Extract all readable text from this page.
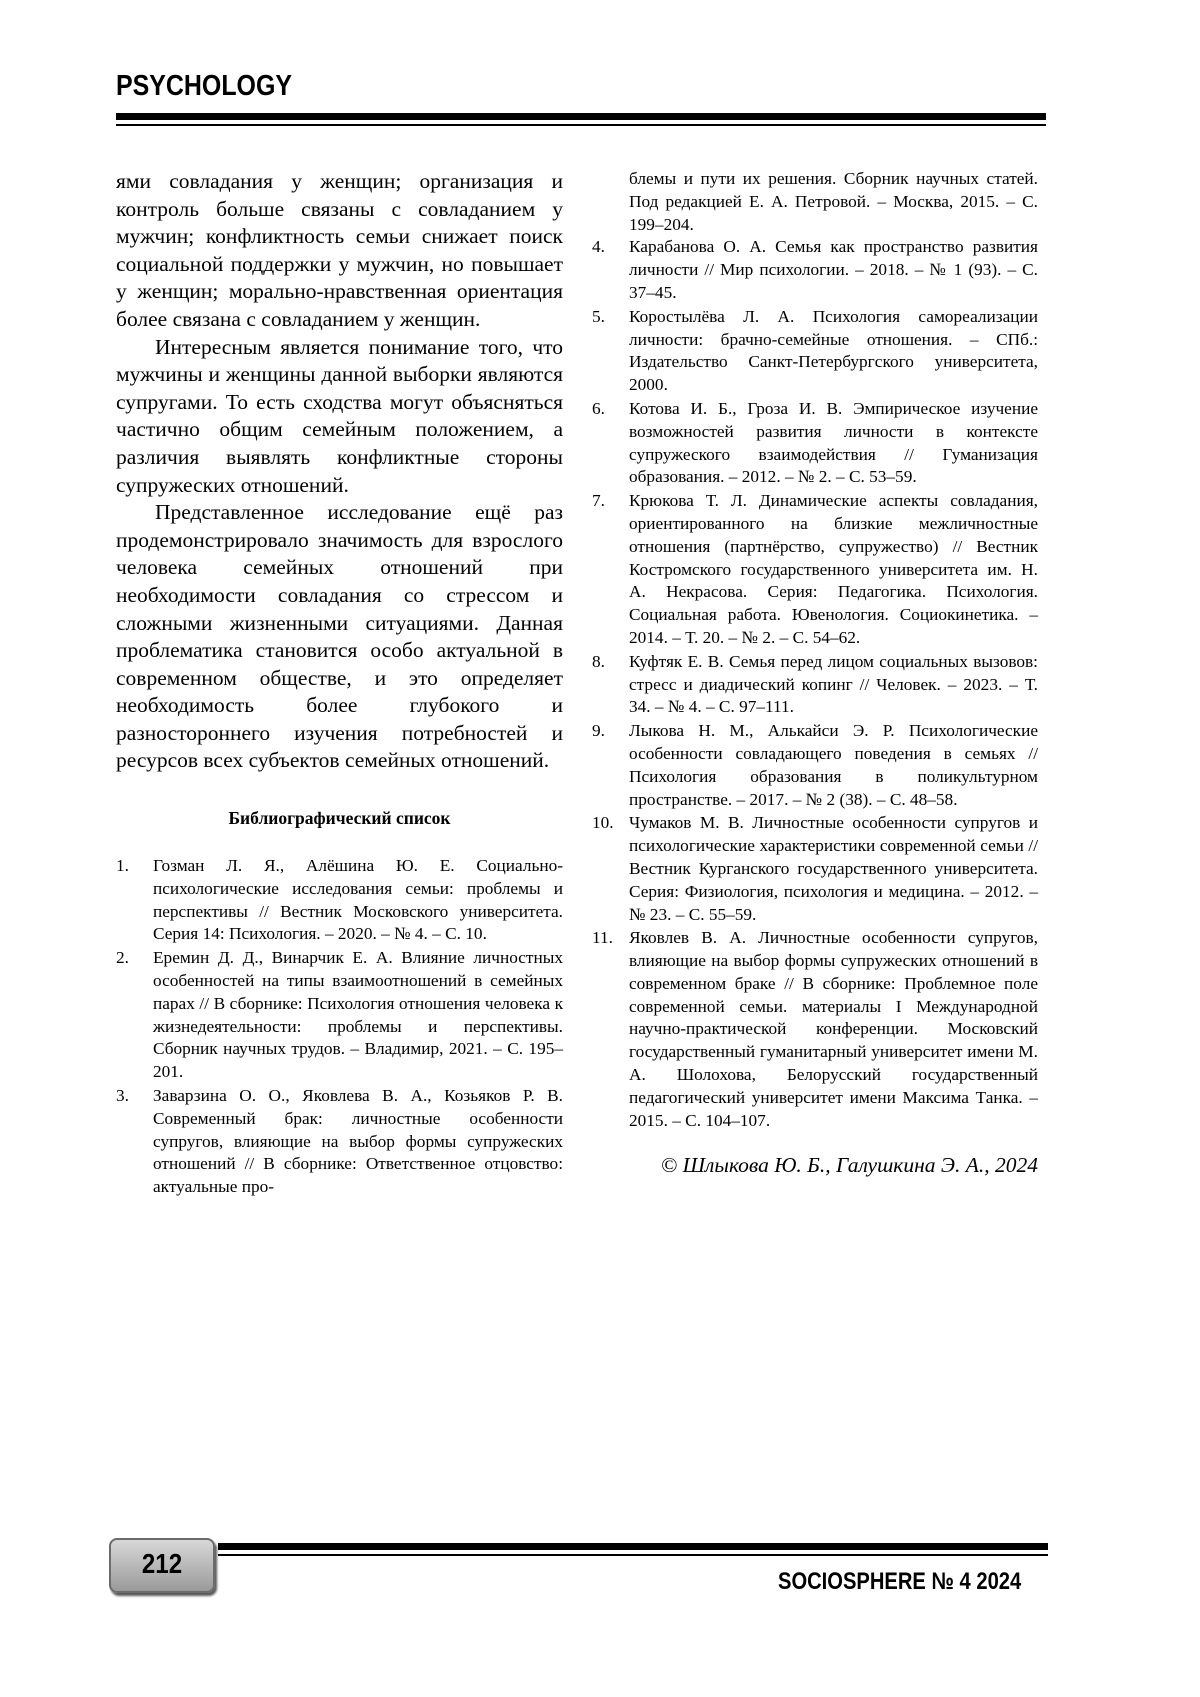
PSYCHOLOGY

ями совладания у женщин; организация и контроль больше связаны с совладанием у мужчин; конфликтность семьи снижает поиск социальной поддержки у мужчин, но повышает у женщин; морально-нравственная ориентация более связана с совладанием у женщин.

Интересным является понимание того, что мужчины и женщины данной выборки являются супругами. То есть сходства могут объясняться частично общим семейным положением, а различия выявлять конфликтные стороны супружеских отношений.

Представленное исследование ещё раз продемонстрировало значимость для взрослого человека семейных отношений при необходимости совладания со стрессом и сложными жизненными ситуациями. Данная проблематика становится особо актуальной в современном обществе, и это определяет необходимость более глубокого и разностороннего изучения потребностей и ресурсов всех субъектов семейных отношений.

Библиографический список
1.	Гозман Л. Я., Алёшина Ю. Е. Социально-психологические исследования семьи: проблемы и перспективы // Вестник Московского университета. Серия 14: Психология. – 2020. – № 4. – С. 10.
2.	Еремин Д. Д., Винарчик Е. А. Влияние личностных особенностей на типы взаимоотношений в семейных парах // В сборнике: Психология отношения человека к жизнедеятельности: проблемы и перспективы. Сборник научных трудов. – Владимир, 2021. – С. 195–201.
3.	Заварзина О. О., Яковлева В. А., Козьяков Р. В. Современный брак: личностные особенности супругов, влияющие на выбор формы супружеских отношений // В сборнике: Ответственное отцовство: актуальные про-
блемы и пути их решения. Сборник научных статей. Под редакцией Е. А. Петровой. – Москва, 2015. – С. 199–204.
4.	Карабанова О. А. Семья как пространство развития личности // Мир психологии. – 2018. – № 1 (93). – С. 37–45.
5.	Коростылёва Л. А. Психология самореализации личности: брачно-семейные отношения. – СПб.: Издательство Санкт-Петербургского университета, 2000.
6.	Котова И. Б., Гроза И. В. Эмпирическое изучение возможностей развития личности в контексте супружеского взаимодействия // Гуманизация образования. – 2012. – № 2. – С. 53–59.
7.	Крюкова Т. Л. Динамические аспекты совладания, ориентированного на близкие межличностные отношения (партнёрство, супружество) // Вестник Костромского государственного университета им. Н. А. Некрасова. Серия: Педагогика. Психология. Социальная работа. Ювенология. Социокинетика. – 2014. – Т. 20. – № 2. – С. 54–62.
8.	Куфтяк Е. В. Семья перед лицом социальных вызовов: стресс и диадический копинг // Человек. – 2023. – Т. 34. – № 4. – С. 97–111.
9.	Лыкова Н. М., Алькайси Э. Р. Психологические особенности совладающего поведения в семьях // Психология образования в поликультурном пространстве. – 2017. – № 2 (38). – С. 48–58.
10. Чумаков М. В. Личностные особенности супругов и психологические характеристики современной семьи // Вестник Курганского государственного университета. Серия: Физиология, психология и медицина. – 2012. – № 23. – С. 55–59.
11. Яковлев В. А. Личностные особенности супругов, влияющие на выбор формы супружеских отношений в современном браке // В сборнике: Проблемное поле современной семьи. материалы I Международной научно-практической конференции. Московский государственный гуманитарный университет имени М. А. Шолохова, Белорусский государственный педагогический университет имени Максима Танка. – 2015. – С. 104–107.
© Шлыкова Ю. Б., Галушкина Э. А., 2024
212
SOCIOSPHERE № 4 2024
